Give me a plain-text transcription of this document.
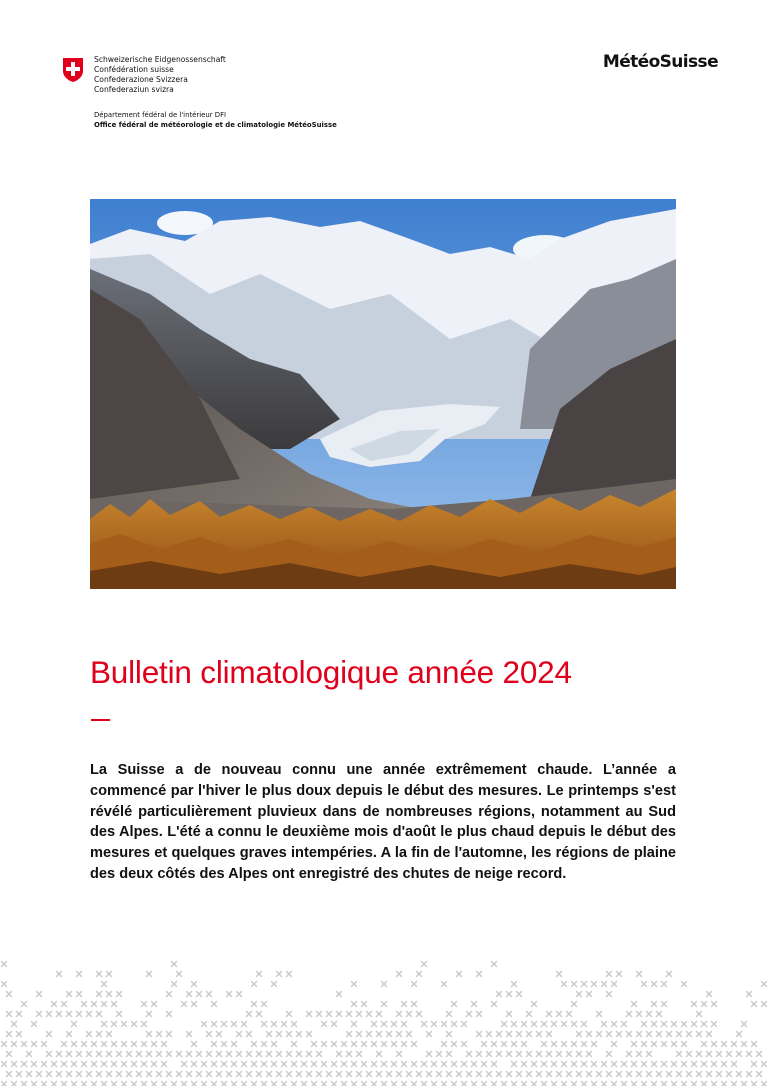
Schweizerische Eidgenossenschaft
Confédération suisse
Confederazione Svizzera
Confederaziun svizra
Département fédéral de l'intérieur DFI
Office fédéral de météorologie et de climatologie MétéoSuisse
MétéoSuisse
Bulletin climatologique année 2024

La Suisse a de nouveau connu une année extrêmement chaude. L’année a commencé par l'hiver le plus doux depuis le début des mesures. Le printemps s'est révélé particulièrement pluvieux dans de nombreuses régions, notamment au Sud des Alpes. L'été a connu le deuxième mois d'août le plus chaud depuis le début des mesures et quelques graves intempéries. A la fin de l'automne, les régions de plaine des deux côtés des Alpes ont enregistré des chutes de neige record.
